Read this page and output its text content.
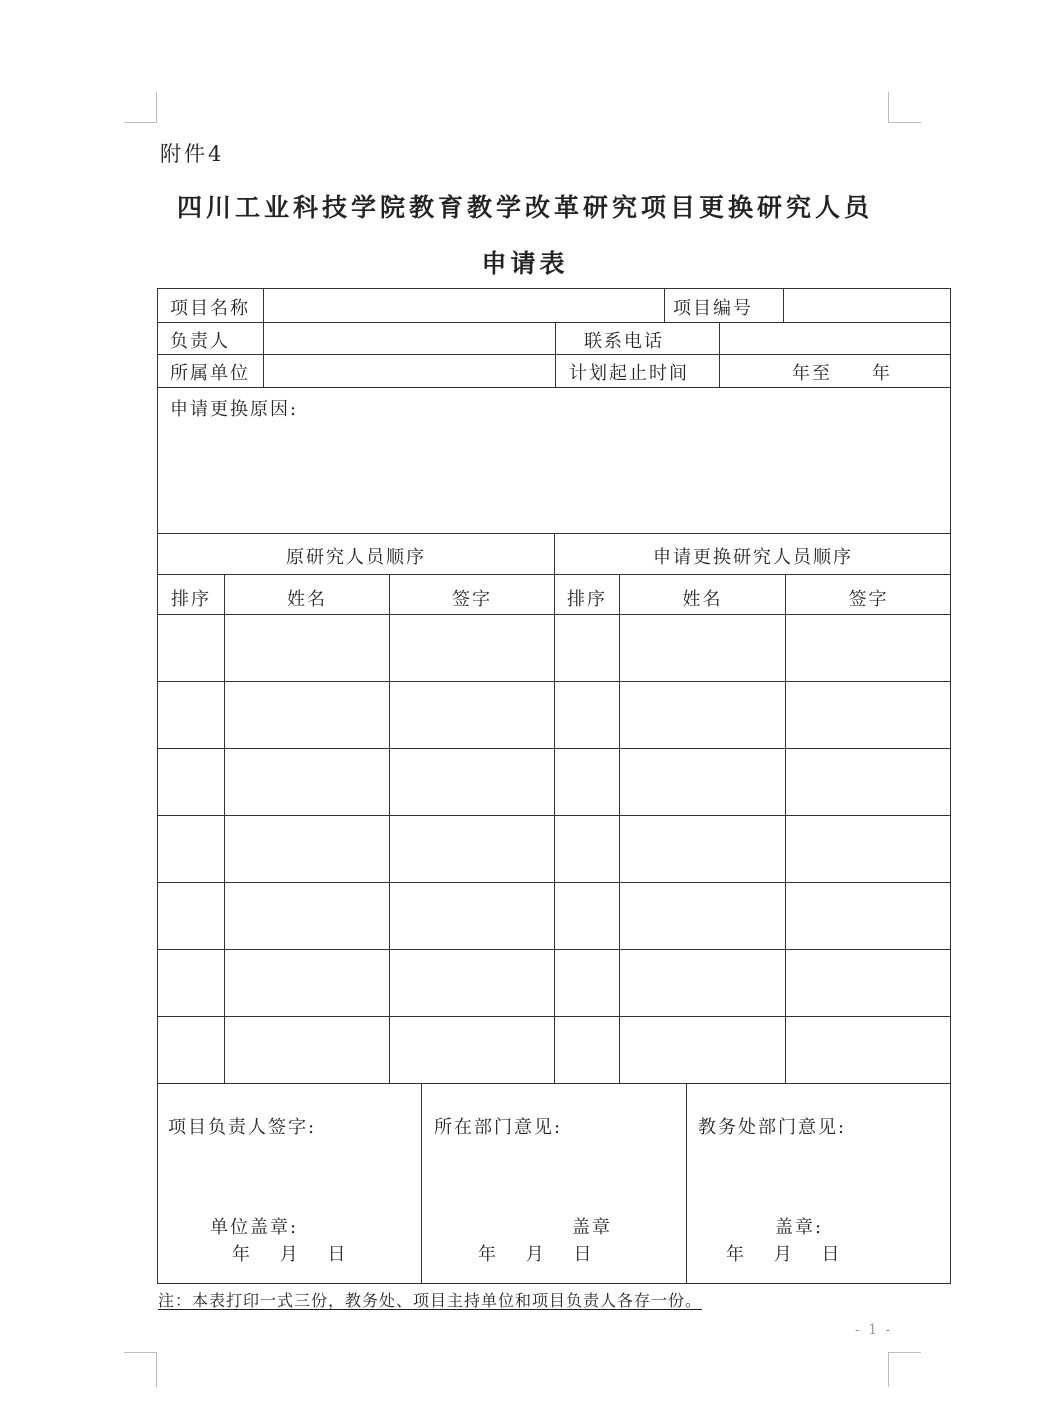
附件4
四川工业科技学院教育教学改革研究项目更换研究人员
申请表
项目名称	项目编号
负责人	联系电话
所属单位	计划起止时间	年至　　年
申请更换原因:
原研究人员顺序	申请更换研究人员顺序
排序	姓名	签字	排序	姓名	签字
项目负责人签字:
单位盖章:
年　 月　 日
所在部门意见:
盖章
年　 月　 日
教务处部门意见:
盖章:
年　 月　 日
注：本表打印一式三份，教务处、项目主持单位和项目负责人各存一份。
- 1 -
